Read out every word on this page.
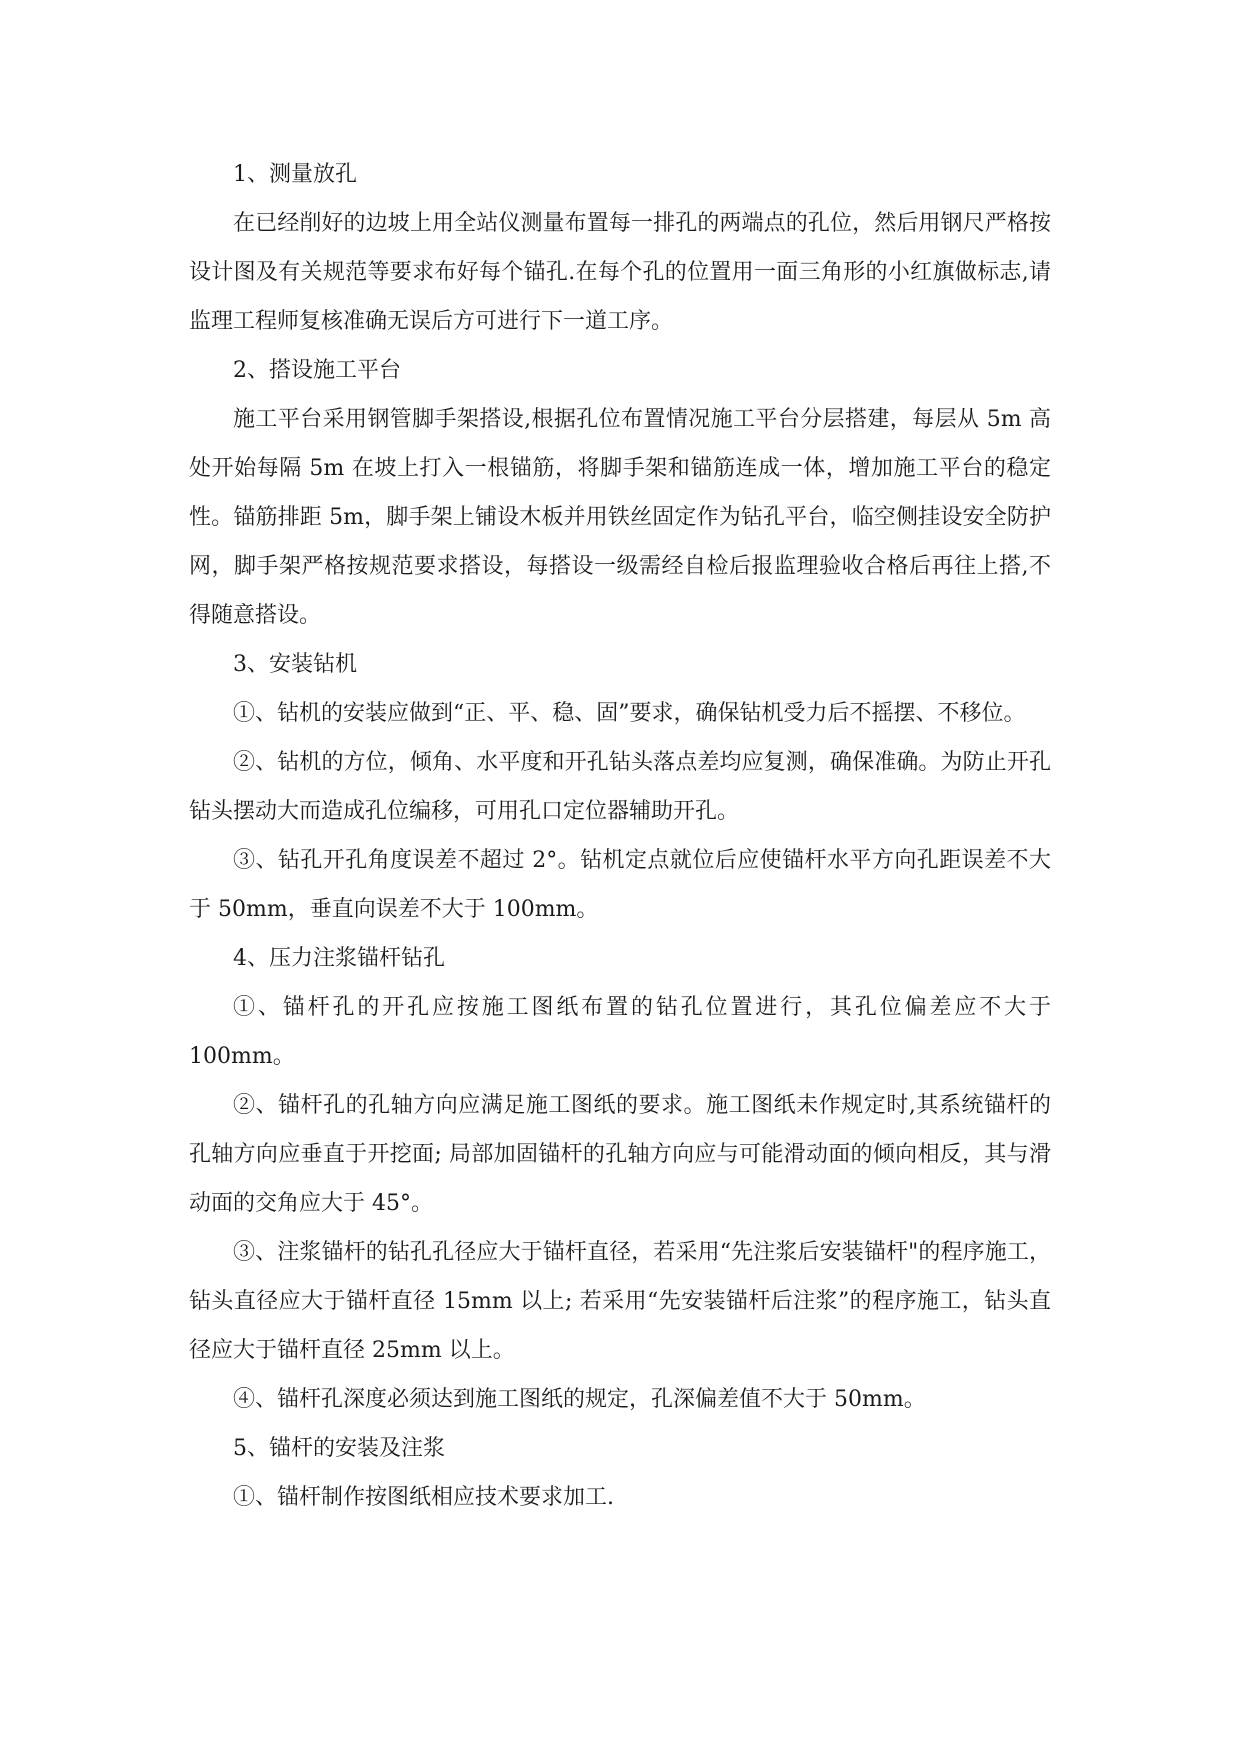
1、测量放孔

在已经削好的边坡上用全站仪测量布置每一排孔的两端点的孔位，然后用钢尺严格按设计图及有关规范等要求布好每个锚孔.在每个孔的位置用一面三角形的小红旗做标志,请监理工程师复核准确无误后方可进行下一道工序。

2、搭设施工平台

施工平台采用钢管脚手架搭设,根据孔位布置情况施工平台分层搭建，每层从 5m 高处开始每隔 5m 在坡上打入一根锚筋，将脚手架和锚筋连成一体，增加施工平台的稳定性。锚筋排距 5m，脚手架上铺设木板并用铁丝固定作为钻孔平台，临空侧挂设安全防护网，脚手架严格按规范要求搭设，每搭设一级需经自检后报监理验收合格后再往上搭,不得随意搭设。

3、安装钻机

①、钻机的安装应做到“正、平、稳、固”要求，确保钻机受力后不摇摆、不移位。

②、钻机的方位，倾角、水平度和开孔钻头落点差均应复测，确保准确。为防止开孔钻头摆动大而造成孔位编移，可用孔口定位器辅助开孔。

③、钻孔开孔角度误差不超过 2°。钻机定点就位后应使锚杆水平方向孔距误差不大于 50mm，垂直向误差不大于 100mm。

4、压力注浆锚杆钻孔

①、锚杆孔的开孔应按施工图纸布置的钻孔位置进行，其孔位偏差应不大于100mm。

②、锚杆孔的孔轴方向应满足施工图纸的要求。施工图纸未作规定时,其系统锚杆的孔轴方向应垂直于开挖面; 局部加固锚杆的孔轴方向应与可能滑动面的倾向相反，其与滑动面的交角应大于 45°。

③、注浆锚杆的钻孔孔径应大于锚杆直径，若采用“先注浆后安装锚杆"的程序施工，钻头直径应大于锚杆直径 15mm 以上; 若采用“先安装锚杆后注浆”的程序施工，钻头直径应大于锚杆直径 25mm 以上。

④、锚杆孔深度必须达到施工图纸的规定，孔深偏差值不大于 50mm。

5、锚杆的安装及注浆

①、锚杆制作按图纸相应技术要求加工.
